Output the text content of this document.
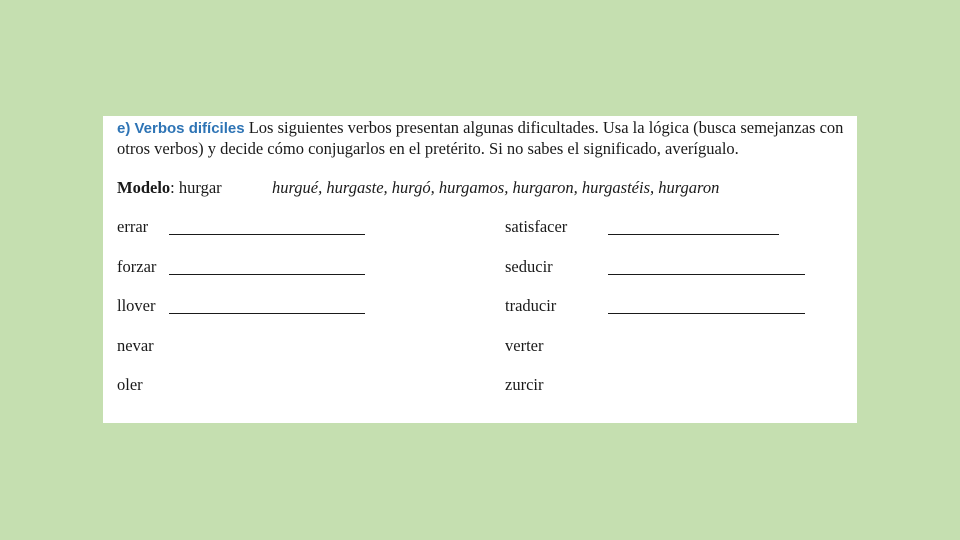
e) Verbos difíciles Los siguientes verbos presentan algunas dificultades. Usa la lógica (busca semejanzas con otros verbos) y decide cómo conjugarlos en el pretérito. Si no sabes el significado, averígualo.
Modelo: hurgar	hurgué, hurgaste, hurgó, hurgamos, hurgaron, hurgastéis, hurgaron
errar
forzar
llover
nevar
oler
satisfacer
seducir
traducir
verter
zurcir
